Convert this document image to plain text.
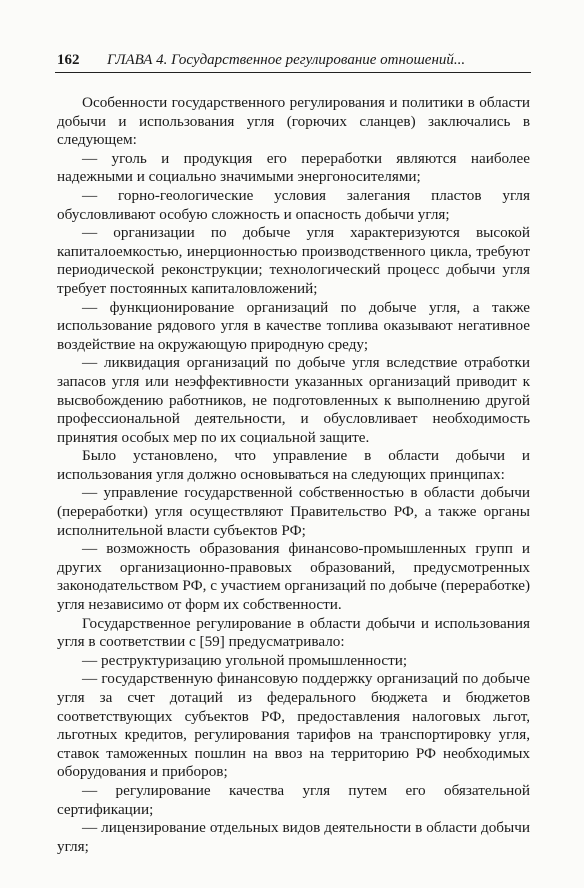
162 ГЛАВА 4. Государственное регулирование отношений...

Особенности государственного регулирования и политики в области добычи и использования угля (горючих сланцев) заключались в следующем:

— уголь и продукция его переработки являются наиболее надежными и социально значимыми энергоносителями;

— горно-геологические условия залегания пластов угля обусловливают особую сложность и опасность добычи угля;

— организации по добыче угля характеризуются высокой капиталоемкостью, инерционностью производственного цикла, требуют периодической реконструкции; технологический процесс добычи угля требует постоянных капиталовложений;

— функционирование организаций по добыче угля, а также использование рядового угля в качестве топлива оказывают негативное воздействие на окружающую природную среду;

— ликвидация организаций по добыче угля вследствие отработки запасов угля или неэффективности указанных организаций приводит к высвобождению работников, не подготовленных к выполнению другой профессиональной деятельности, и обусловливает необходимость принятия особых мер по их социальной защите.

Было установлено, что управление в области добычи и использования угля должно основываться на следующих принципах:

— управление государственной собственностью в области добычи (переработки) угля осуществляют Правительство РФ, а также органы исполнительной власти субъектов РФ;

— возможность образования финансово-промышленных групп и других организационно-правовых образований, предусмотренных законодательством РФ, с участием организаций по добыче (переработке) угля независимо от форм их собственности.

Государственное регулирование в области добычи и использования угля в соответствии с [59] предусматривало:

— реструктуризацию угольной промышленности;

— государственную финансовую поддержку организаций по добыче угля за счет дотаций из федерального бюджета и бюджетов соответствующих субъектов РФ, предоставления налоговых льгот, льготных кредитов, регулирования тарифов на транспортировку угля, ставок таможенных пошлин на ввоз на территорию РФ необходимых оборудования и приборов;

— регулирование качества угля путем его обязательной сертификации;

— лицензирование отдельных видов деятельности в области добычи угля;
